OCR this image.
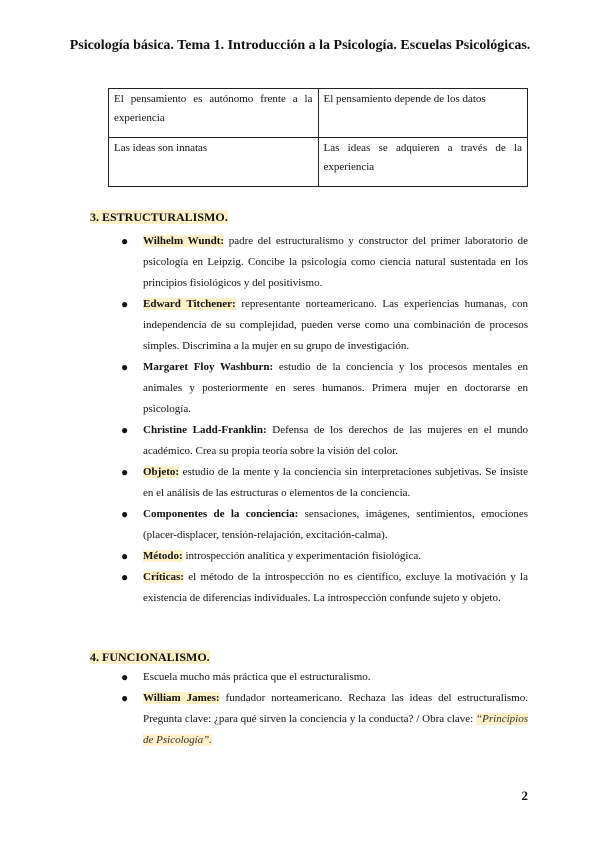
Psicología básica. Tema 1. Introducción a la Psicología. Escuelas Psicológicas.
El pensamiento es autónomo frente a la experiencia	El pensamiento depende de los datos
Las ideas son innatas	Las ideas se adquieren a través de la experiencia
3. ESTRUCTURALISMO.
● Wilhelm Wundt: padre del estructuralismo y constructor del primer laboratorio de psicología en Leipzig. Concibe la psicología como ciencia natural sustentada en los principios fisiológicos y del positivismo.
● Edward Titchener: representante norteamericano. Las experiencias humanas, con independencia de su complejidad, pueden verse como una combinación de procesos simples. Discrimina a la mujer en su grupo de investigación.
● Margaret Floy Washburn: estudio de la conciencia y los procesos mentales en animales y posteriormente en seres humanos. Primera mujer en doctorarse en psicología.
● Christine Ladd-Franklin: Defensa de los derechos de las mujeres en el mundo académico. Crea su propia teoría sobre la visión del color.
● Objeto: estudio de la mente y la conciencia sin interpretaciones subjetivas. Se insiste en el análisis de las estructuras o elementos de la conciencia.
● Componentes de la conciencia: sensaciones, imágenes, sentimientos, emociones (placer-displacer, tensión-relajación, excitación-calma).
● Método: introspección analítica y experimentación fisiológica.
● Críticas: el método de la introspección no es científico, excluye la motivación y la existencia de diferencias individuales. La introspección confunde sujeto y objeto.
4. FUNCIONALISMO.
● Escuela mucho más práctica que el estructuralismo.
● William James: fundador norteamericano. Rechaza las ideas del estructuralismo. Pregunta clave: ¿para qué sirven la conciencia y la conducta? / Obra clave: “Principios de Psicología”.
2
